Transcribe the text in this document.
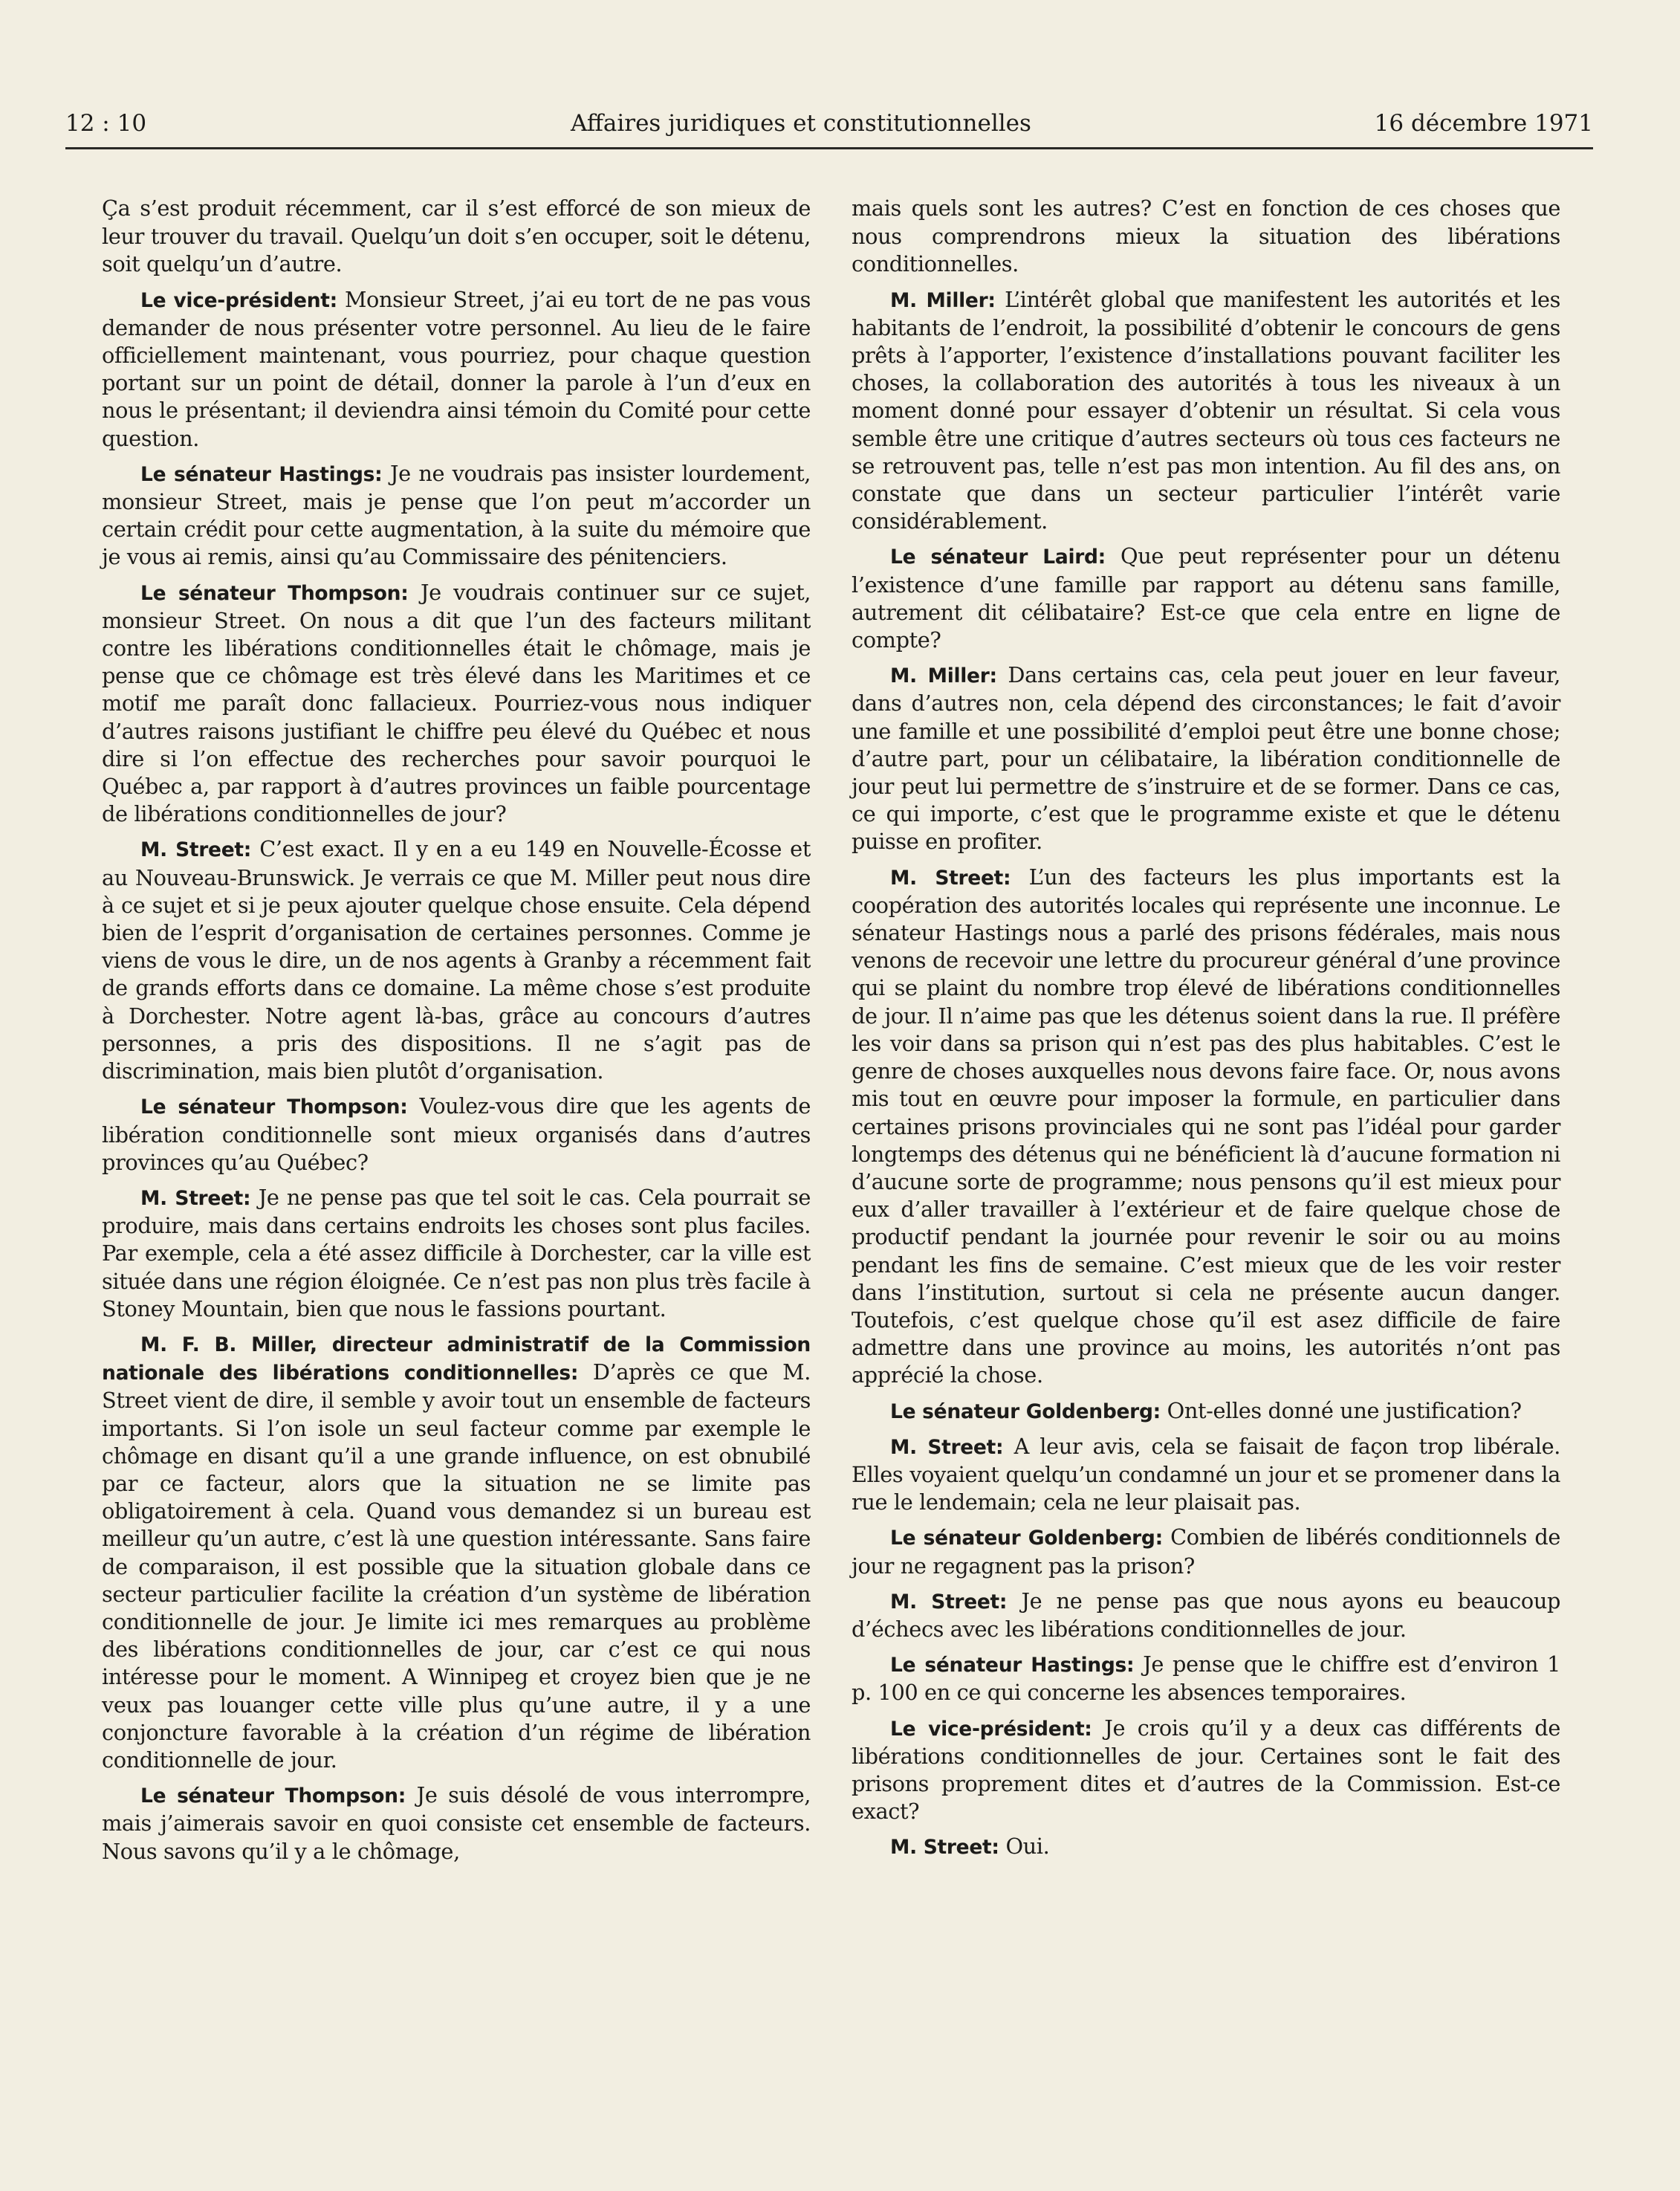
12 : 10	Affaires juridiques et constitutionnelles	16 décembre 1971

Ça s’est produit récemment, car il s’est efforcé de son mieux de leur trouver du travail. Quelqu’un doit s’en occuper, soit le détenu, soit quelqu’un d’autre.

Le vice-président: Monsieur Street, j’ai eu tort de ne pas vous demander de nous présenter votre personnel. Au lieu de le faire officiellement maintenant, vous pourriez, pour chaque question portant sur un point de détail, donner la parole à l’un d’eux en nous le présentant; il deviendra ainsi témoin du Comité pour cette question.

Le sénateur Hastings: Je ne voudrais pas insister lourdement, monsieur Street, mais je pense que l’on peut m’accorder un certain crédit pour cette augmentation, à la suite du mémoire que je vous ai remis, ainsi qu’au Commissaire des pénitenciers.

Le sénateur Thompson: Je voudrais continuer sur ce sujet, monsieur Street. On nous a dit que l’un des facteurs militant contre les libérations conditionnelles était le chômage, mais je pense que ce chômage est très élevé dans les Maritimes et ce motif me paraît donc fallacieux. Pourriez-vous nous indiquer d’autres raisons justifiant le chiffre peu élevé du Québec et nous dire si l’on effectue des recherches pour savoir pourquoi le Québec a, par rapport à d’autres provinces un faible pourcentage de libérations conditionnelles de jour?

M. Street: C’est exact. Il y en a eu 149 en Nouvelle-Écosse et au Nouveau-Brunswick. Je verrais ce que M. Miller peut nous dire à ce sujet et si je peux ajouter quelque chose ensuite. Cela dépend bien de l’esprit d’organisation de certaines personnes. Comme je viens de vous le dire, un de nos agents à Granby a récemment fait de grands efforts dans ce domaine. La même chose s’est produite à Dorchester. Notre agent là-bas, grâce au concours d’autres personnes, a pris des dispositions. Il ne s’agit pas de discrimination, mais bien plutôt d’organisation.

Le sénateur Thompson: Voulez-vous dire que les agents de libération conditionnelle sont mieux organisés dans d’autres provinces qu’au Québec?

M. Street: Je ne pense pas que tel soit le cas. Cela pourrait se produire, mais dans certains endroits les choses sont plus faciles. Par exemple, cela a été assez difficile à Dorchester, car la ville est située dans une région éloignée. Ce n’est pas non plus très facile à Stoney Mountain, bien que nous le fassions pourtant.

M. F. B. Miller, directeur administratif de la Commission nationale des libérations conditionnelles: D’après ce que M. Street vient de dire, il semble y avoir tout un ensemble de facteurs importants. Si l’on isole un seul facteur comme par exemple le chômage en disant qu’il a une grande influence, on est obnubilé par ce facteur, alors que la situation ne se limite pas obligatoirement à cela. Quand vous demandez si un bureau est meilleur qu’un autre, c’est là une question intéressante. Sans faire de comparaison, il est possible que la situation globale dans ce secteur particulier facilite la création d’un système de libération conditionnelle de jour. Je limite ici mes remarques au problème des libérations conditionnelles de jour, car c’est ce qui nous intéresse pour le moment. A Winnipeg et croyez bien que je ne veux pas louanger cette ville plus qu’une autre, il y a une conjoncture favorable à la création d’un régime de libération conditionnelle de jour.

Le sénateur Thompson: Je suis désolé de vous interrompre, mais j’aimerais savoir en quoi consiste cet ensemble de facteurs. Nous savons qu’il y a le chômage,

mais quels sont les autres? C’est en fonction de ces choses que nous comprendrons mieux la situation des libérations conditionnelles.

M. Miller: L’intérêt global que manifestent les autorités et les habitants de l’endroit, la possibilité d’obtenir le concours de gens prêts à l’apporter, l’existence d’installations pouvant faciliter les choses, la collaboration des autorités à tous les niveaux à un moment donné pour essayer d’obtenir un résultat. Si cela vous semble être une critique d’autres secteurs où tous ces facteurs ne se retrouvent pas, telle n’est pas mon intention. Au fil des ans, on constate que dans un secteur particulier l’intérêt varie considérablement.

Le sénateur Laird: Que peut représenter pour un détenu l’existence d’une famille par rapport au détenu sans famille, autrement dit célibataire? Est-ce que cela entre en ligne de compte?

M. Miller: Dans certains cas, cela peut jouer en leur faveur, dans d’autres non, cela dépend des circonstances; le fait d’avoir une famille et une possibilité d’emploi peut être une bonne chose; d’autre part, pour un célibataire, la libération conditionnelle de jour peut lui permettre de s’instruire et de se former. Dans ce cas, ce qui importe, c’est que le programme existe et que le détenu puisse en profiter.

M. Street: L’un des facteurs les plus importants est la coopération des autorités locales qui représente une inconnue. Le sénateur Hastings nous a parlé des prisons fédérales, mais nous venons de recevoir une lettre du procureur général d’une province qui se plaint du nombre trop élevé de libérations conditionnelles de jour. Il n’aime pas que les détenus soient dans la rue. Il préfère les voir dans sa prison qui n’est pas des plus habitables. C’est le genre de choses auxquelles nous devons faire face. Or, nous avons mis tout en œuvre pour imposer la formule, en particulier dans certaines prisons provinciales qui ne sont pas l’idéal pour garder longtemps des détenus qui ne bénéficient là d’aucune formation ni d’aucune sorte de programme; nous pensons qu’il est mieux pour eux d’aller travailler à l’extérieur et de faire quelque chose de productif pendant la journée pour revenir le soir ou au moins pendant les fins de semaine. C’est mieux que de les voir rester dans l’institution, surtout si cela ne présente aucun danger. Toutefois, c’est quelque chose qu’il est asez difficile de faire admettre dans une province au moins, les autorités n’ont pas apprécié la chose.

Le sénateur Goldenberg: Ont-elles donné une justification?

M. Street: A leur avis, cela se faisait de façon trop libérale. Elles voyaient quelqu’un condamné un jour et se promener dans la rue le lendemain; cela ne leur plaisait pas.

Le sénateur Goldenberg: Combien de libérés conditionnels de jour ne regagnent pas la prison?

M. Street: Je ne pense pas que nous ayons eu beaucoup d’échecs avec les libérations conditionnelles de jour.

Le sénateur Hastings: Je pense que le chiffre est d’environ 1 p. 100 en ce qui concerne les absences temporaires.

Le vice-président: Je crois qu’il y a deux cas différents de libérations conditionnelles de jour. Certaines sont le fait des prisons proprement dites et d’autres de la Commission. Est-ce exact?

M. Street: Oui.
